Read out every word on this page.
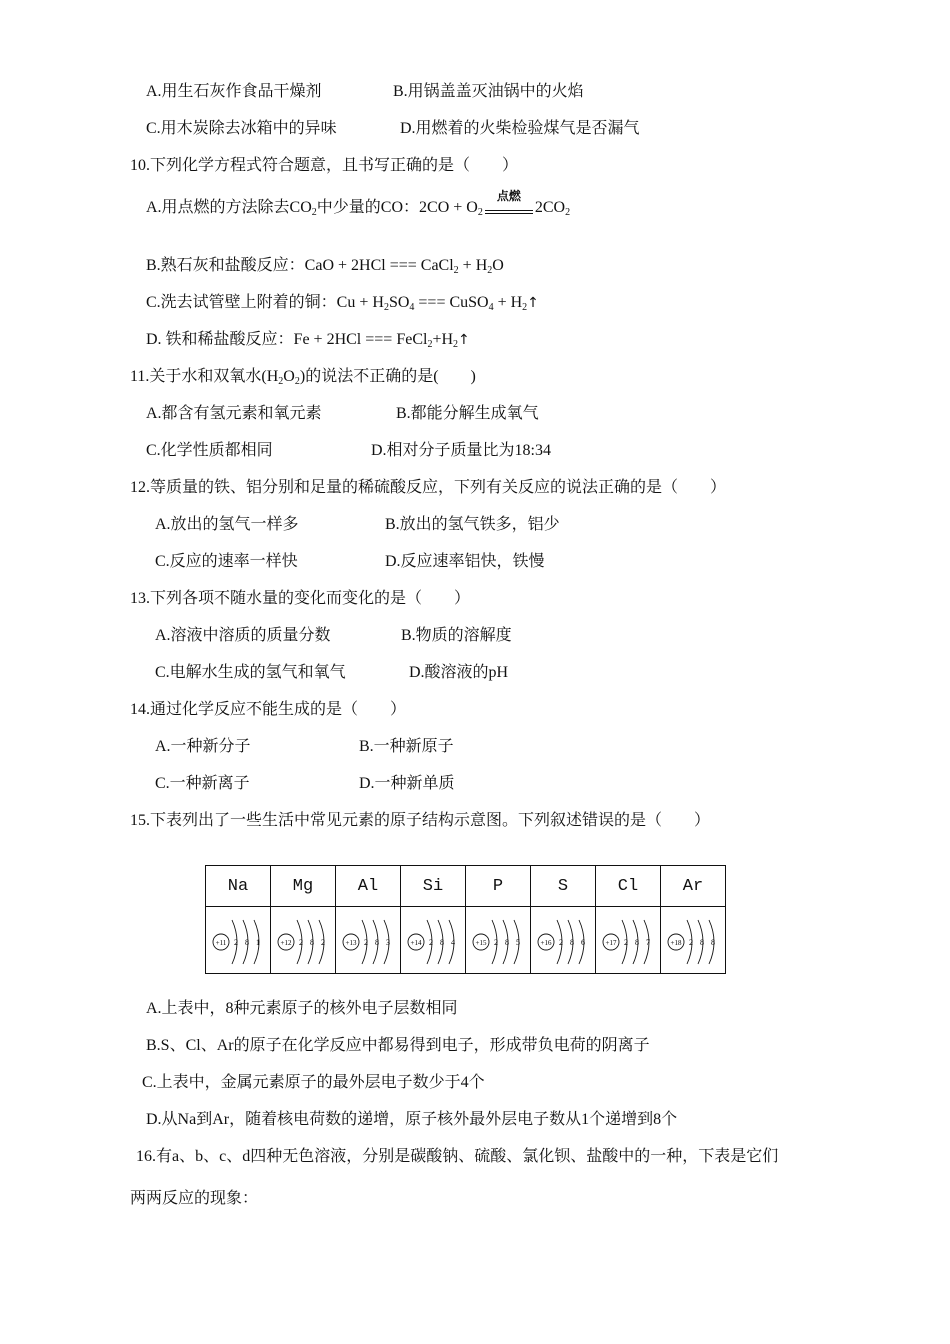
A.用生石灰作食品干燥剂	B.用锅盖盖灭油锅中的火焰
C.用木炭除去冰箱中的异味	D.用燃着的火柴检验煤气是否漏气
10.下列化学方程式符合题意，且书写正确的是（　　）
A.用点燃的方法除去$CO_2$中少量的CO：$2CO + O_2$
点燃
$2CO_2$
B.熟石灰和盐酸反应：CaO + 2HCl === CaCl$_2$ + $H_2O$
C.洗去试管壁上附着的铜：$Cu + H_2SO_4$ === CuSO$_4$ + $H_2↑$
D. 铁和稀盐酸反应：Fe + 2HCl === $FeCl_2+H_2↑$
11.关于水和双氧水$(H_2O_2)$的说法不正确的是(　　)
A.都含有氢元素和氧元素	B.都能分解生成氧气
C.化学性质都相同	D.相对分子质量比为18:34
12.等质量的铁、铝分别和足量的稀硫酸反应，下列有关反应的说法正确的是（　　）
A.放出的氢气一样多	B.放出的氢气铁多，铝少
C.反应的速率一样快	D.反应速率铝快，铁慢
13.下列各项不随水量的变化而变化的是（　　）
A.溶液中溶质的质量分数	B.物质的溶解度
C.电解水生成的氢气和氧气	D.酸溶液的pH
14.通过化学反应不能生成的是（　　）
A.一种新分子	B.一种新原子
C.一种新离子	D.一种新单质
15.下表列出了一些生活中常见元素的原子结构示意图。下列叙述错误的是（　　）
Na	Mg	Al	Si	P	S	Cl	Ar

+11 2 8 1	+12 2 8 2	+13 2 8 3	+14 2 8 4	+15 2 8 5	+16 2 8 6	+17 2 8 7	+18 2 8 8
A.上表中，8种元素原子的核外电子层数相同
B.S、Cl、Ar的原子在化学反应中都易得到电子，形成带负电荷的阴离子
C.上表中，金属元素原子的最外层电子数少于4个
D.从Na到Ar，随着核电荷数的递增，原子核外最外层电子数从1个递增到8个
16.有a、b、c、d四种无色溶液，分别是碳酸钠、硫酸、氯化钡、盐酸中的一种，下表是它们
两两反应的现象：
